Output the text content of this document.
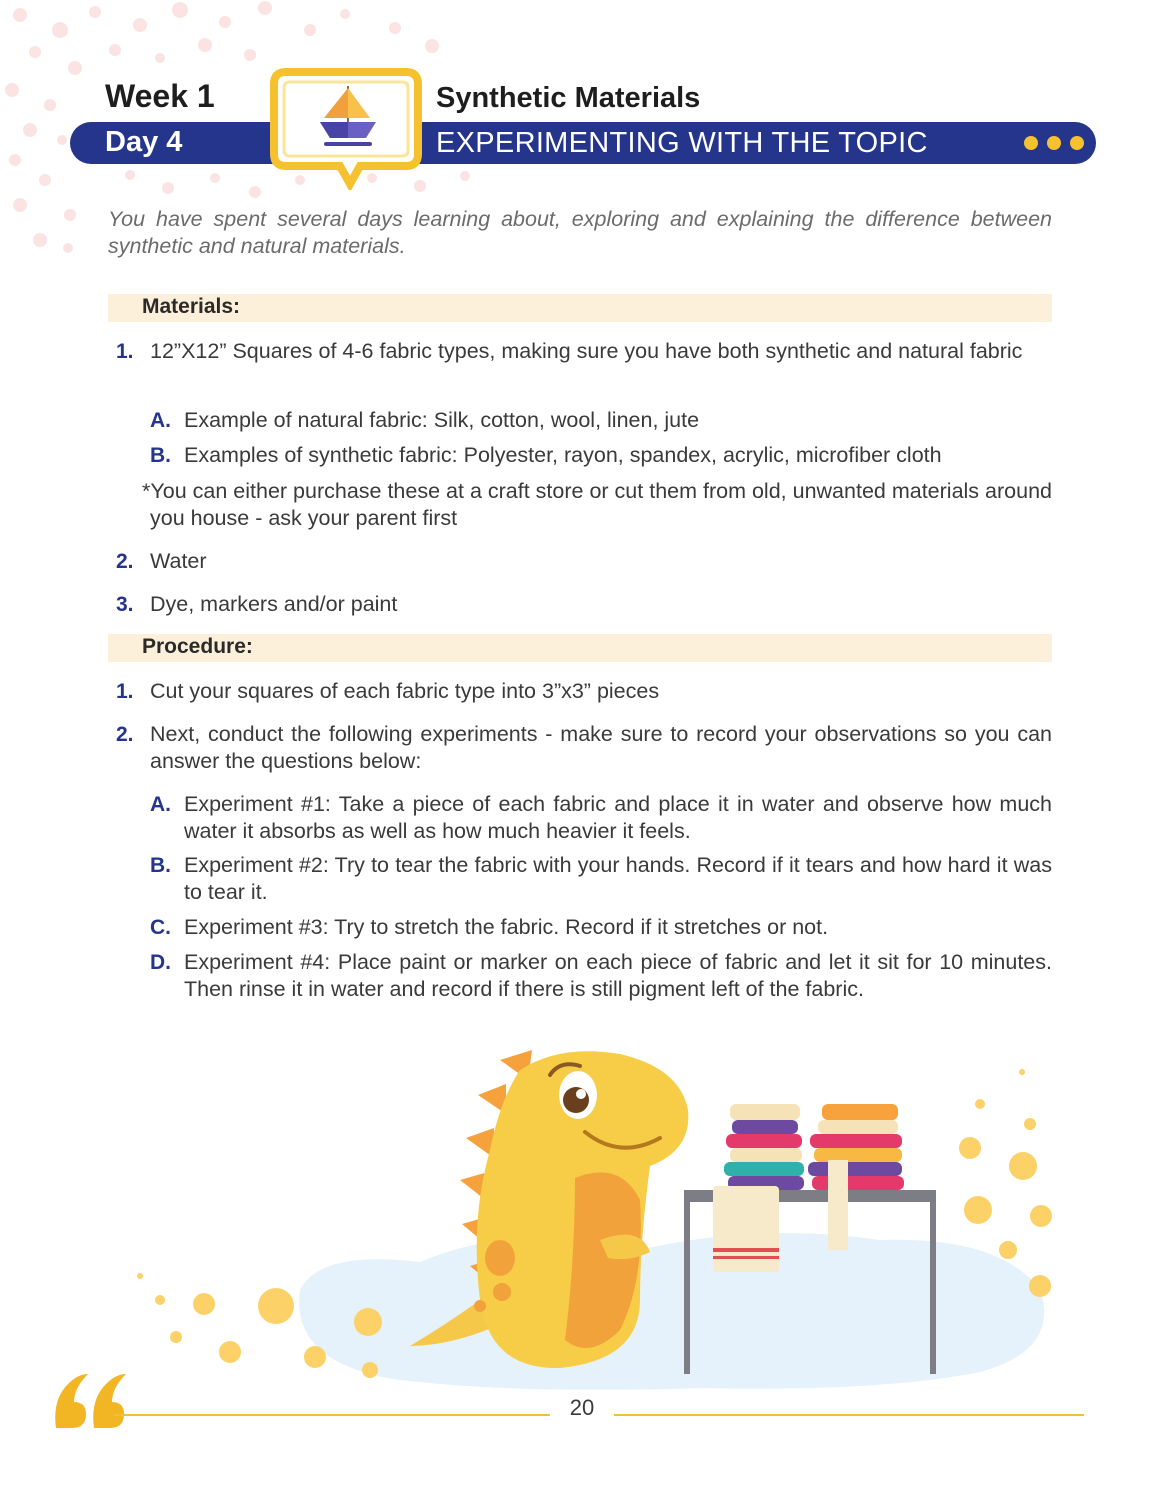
Week 1
Day 4
Synthetic Materials
EXPERIMENTING WITH THE TOPIC
You have spent several days learning about, exploring and explaining the difference between synthetic and natural materials.
Materials:
1. 12”X12” Squares of 4-6 fabric types, making sure you have both synthetic and natural fabric
A. Example of natural fabric: Silk, cotton, wool, linen, jute
B. Examples of synthetic fabric: Polyester, rayon, spandex, acrylic, microfiber cloth
*You can either purchase these at a craft store or cut them from old, unwanted materials around you house - ask your parent first
2. Water
3. Dye, markers and/or paint
Procedure:
1. Cut your squares of each fabric type into 3”x3” pieces
2. Next, conduct the following experiments - make sure to record your observations so you can answer the questions below:
A. Experiment #1: Take a piece of each fabric and place it in water and observe how much water it absorbs as well as how much heavier it feels.
B. Experiment #2: Try to tear the fabric with your hands. Record if it tears and how hard it was to tear it.
C. Experiment #3: Try to stretch the fabric. Record if it stretches or not.
D. Experiment #4: Place paint or marker on each piece of fabric and let it sit for 10 minutes. Then rinse it in water and record if there is still pigment left of the fabric.
20
